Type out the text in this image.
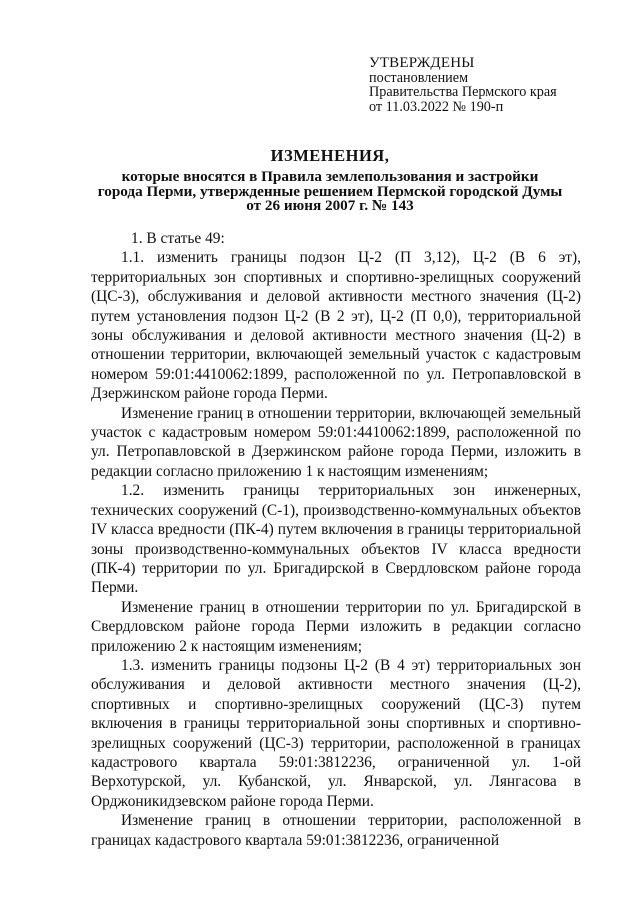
УТВЕРЖДЕНЫ
постановлением
Правительства Пермского края
от 11.03.2022 № 190-п
ИЗМЕНЕНИЯ,
которые вносятся в Правила землепользования и застройки
города Перми, утвержденные решением Пермской городской Думы
от 26 июня 2007 г. № 143

1. В статье 49:

1.1. изменить границы подзон Ц-2 (П 3,12), Ц-2 (В 6 эт), территориальных зон спортивных и спортивно-зрелищных сооружений (ЦС-3), обслуживания и деловой активности местного значения (Ц-2) путем установления подзон Ц-2 (В 2 эт), Ц-2 (П 0,0), территориальной зоны обслуживания и деловой активности местного значения (Ц-2) в отношении территории, включающей земельный участок с кадастровым номером 59:01:4410062:1899, расположенной по ул. Петропавловской в Дзержинском районе города Перми.

Изменение границ в отношении территории, включающей земельный участок с кадастровым номером 59:01:4410062:1899, расположенной по ул. Петропавловской в Дзержинском районе города Перми, изложить в редакции согласно приложению 1 к настоящим изменениям;

1.2. изменить границы территориальных зон инженерных, технических сооружений (С-1), производственно-коммунальных объектов IV класса вредности (ПК-4) путем включения в границы территориальной зоны производственно-коммунальных объектов IV класса вредности (ПК-4) территории по ул. Бригадирской в Свердловском районе города Перми.

Изменение границ в отношении территории по ул. Бригадирской в Свердловском районе города Перми изложить в редакции согласно приложению 2 к настоящим изменениям;

1.3. изменить границы подзоны Ц-2 (В 4 эт) территориальных зон обслуживания и деловой активности местного значения (Ц-2), спортивных и спортивно-зрелищных сооружений (ЦС-3) путем включения в границы территориальной зоны спортивных и спортивно-зрелищных сооружений (ЦС-3) территории, расположенной в границах кадастрового квартала 59:01:3812236, ограниченной ул. 1-ой Верхотурской, ул. Кубанской, ул. Январской, ул. Лянгасова в Орджоникидзевском районе города Перми.

Изменение границ в отношении территории, расположенной в границах кадастрового квартала 59:01:3812236, ограниченной
